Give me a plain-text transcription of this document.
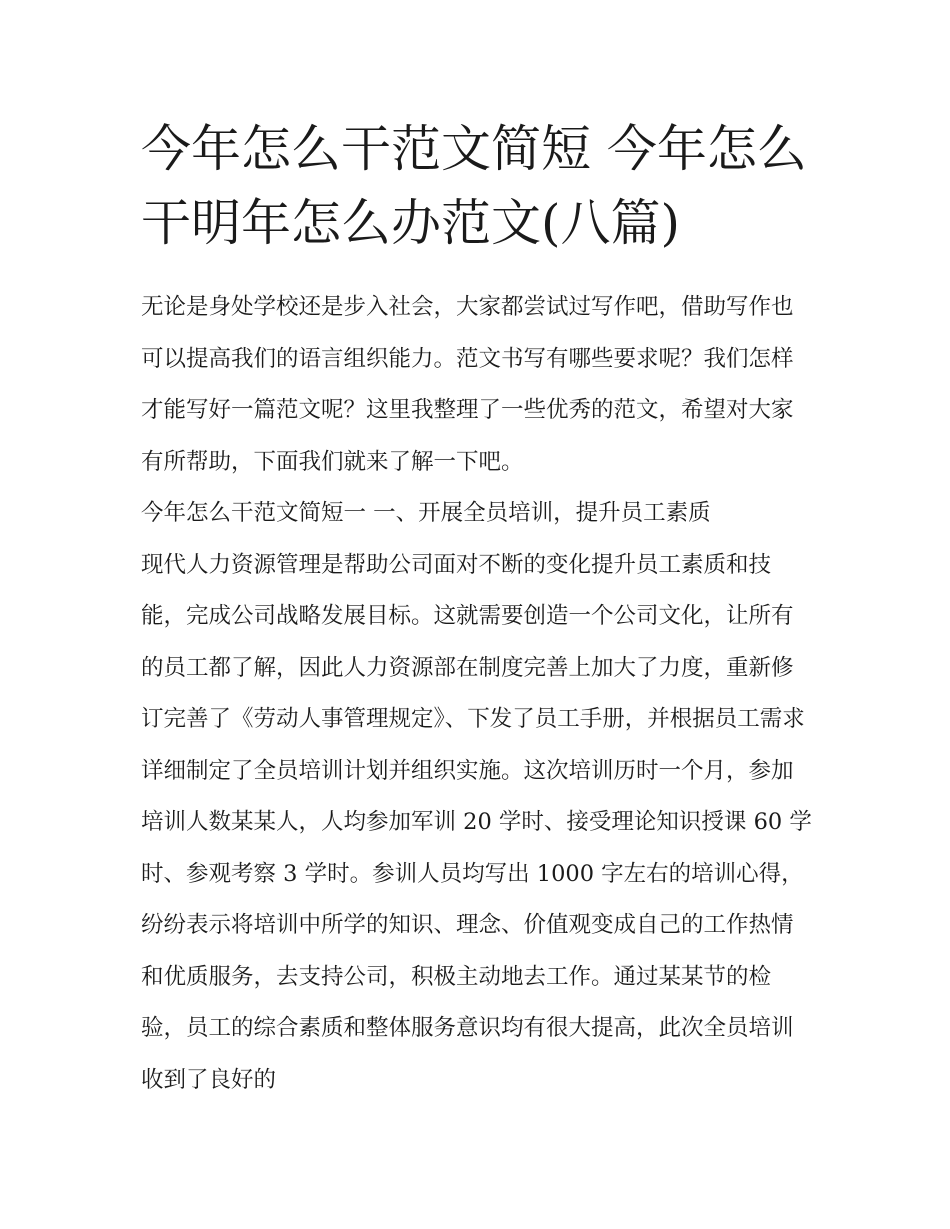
今年怎么干范文简短 今年怎么干明年怎么办范文(八篇)

无论是身处学校还是步入社会，大家都尝试过写作吧，借助写作也可以提高我们的语言组织能力。范文书写有哪些要求呢？我们怎样才能写好一篇范文呢？这里我整理了一些优秀的范文，希望对大家有所帮助，下面我们就来了解一下吧。

今年怎么干范文简短一 一、开展全员培训，提升员工素质

现代人力资源管理是帮助公司面对不断的变化提升员工素质和技能，完成公司战略发展目标。这就需要创造一个公司文化，让所有的员工都了解，因此人力资源部在制度完善上加大了力度，重新修订完善了《劳动人事管理规定》、下发了员工手册，并根据员工需求详细制定了全员培训计划并组织实施。这次培训历时一个月，参加培训人数某某人，人均参加军训 20 学时、接受理论知识授课 60 学时、参观考察 3 学时。参训人员均写出 1000 字左右的培训心得，纷纷表示将培训中所学的知识、理念、价值观变成自己的工作热情和优质服务，去支持公司，积极主动地去工作。通过某某节的检验，员工的综合素质和整体服务意识均有很大提高，此次全员培训收到了良好的
